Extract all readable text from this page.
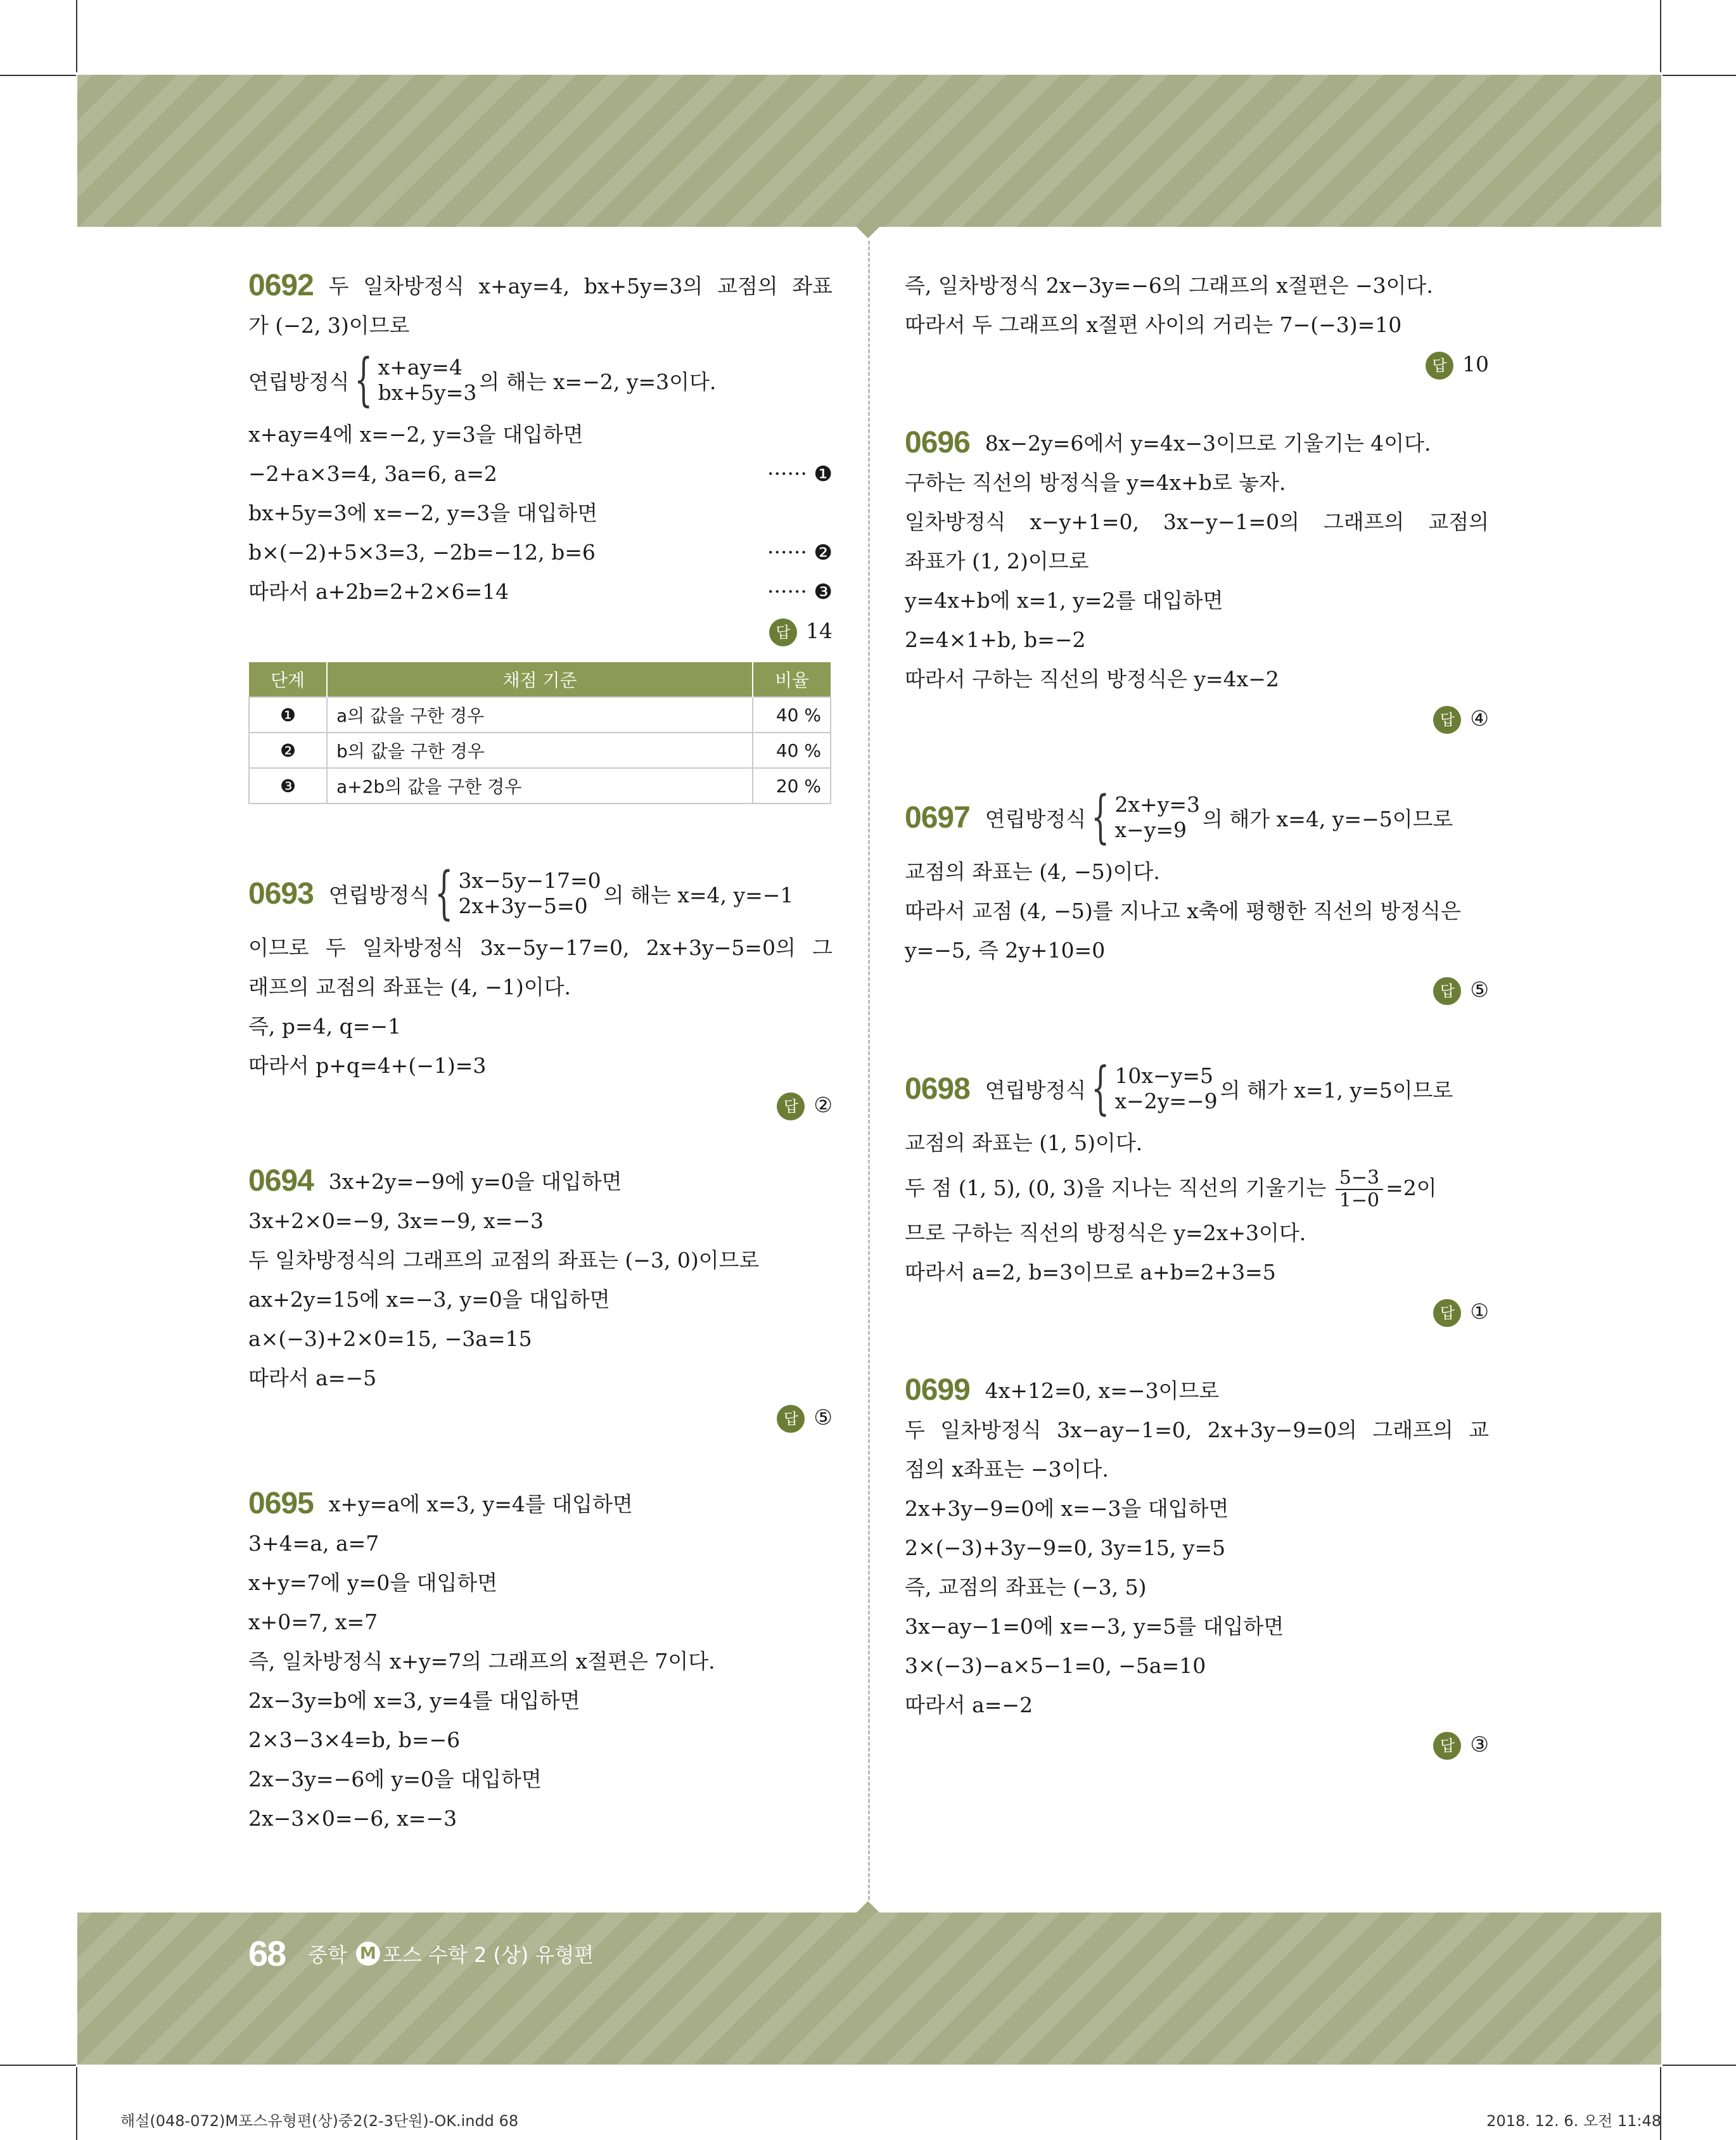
0692 두 일차방정식 x+ay=4, bx+5y=3의 교점의 좌표
가 (−2, 3)이므로
연립방정식 { x+ay=4
bx+5y=3 의 해는 x=−2, y=3이다.
x+ay=4에 x=−2, y=3을 대입하면
−2+a×3=4, 3a=6, a=2	······ ❶
bx+5y=3에 x=−2, y=3을 대입하면
b×(−2)+5×3=3, −2b=−12, b=6	······ ❷
따라서 a+2b=2+2×6=14	······ ❸
답 14
단계	채점 기준	비율
❶	a의 값을 구한 경우	40 %
❷	b의 값을 구한 경우	40 %
❸	a+2b의 값을 구한 경우	20 %
0693 연립방정식 { 3x−5y−17=0
2x+3y−5=0 의 해는 x=4, y=−1
이므로 두 일차방정식 3x−5y−17=0, 2x+3y−5=0의 그
래프의 교점의 좌표는 (4, −1)이다.
즉, p=4, q=−1
따라서 p+q=4+(−1)=3
답 ②
0694 3x+2y=−9에 y=0을 대입하면
3x+2×0=−9, 3x=−9, x=−3
두 일차방정식의 그래프의 교점의 좌표는 (−3, 0)이므로
ax+2y=15에 x=−3, y=0을 대입하면
a×(−3)+2×0=15, −3a=15
따라서 a=−5
답 ⑤
0695 x+y=a에 x=3, y=4를 대입하면
3+4=a, a=7
x+y=7에 y=0을 대입하면
x+0=7, x=7
즉, 일차방정식 x+y=7의 그래프의 x절편은 7이다.
2x−3y=b에 x=3, y=4를 대입하면
2×3−3×4=b, b=−6
2x−3y=−6에 y=0을 대입하면
2x−3×0=−6, x=−3
즉, 일차방정식 2x−3y=−6의 그래프의 x절편은 −3이다.
따라서 두 그래프의 x절편 사이의 거리는 7−(−3)=10
답 10
0696 8x−2y=6에서 y=4x−3이므로 기울기는 4이다.
구하는 직선의 방정식을 y=4x+b로 놓자.
일차방정식 x−y+1=0, 3x−y−1=0의 그래프의 교점의
좌표가 (1, 2)이므로
y=4x+b에 x=1, y=2를 대입하면
2=4×1+b, b=−2
따라서 구하는 직선의 방정식은 y=4x−2
답 ④
0697 연립방정식 { 2x+y=3
x−y=9 의 해가 x=4, y=−5이므로
교점의 좌표는 (4, −5)이다.
따라서 교점 (4, −5)를 지나고 x축에 평행한 직선의 방정식은
y=−5, 즉 2y+10=0
답 ⑤
0698 연립방정식 { 10x−y=5
x−2y=−9 의 해가 x=1, y=5이므로
교점의 좌표는 (1, 5)이다.
두 점 (1, 5), (0, 3)을 지나는 직선의 기울기는 $\frac{5-3}{1-0} =2$이
므로 구하는 직선의 방정식은 y=2x+3이다.
따라서 a=2, b=3이므로 a+b=2+3=5
답 ①
0699 4x+12=0, x=−3이므로
두 일차방정식 3x−ay−1=0, 2x+3y−9=0의 그래프의 교
점의 x좌표는 −3이다.
2x+3y−9=0에 x=−3을 대입하면
2×(−3)+3y−9=0, 3y=15, y=5
즉, 교점의 좌표는 (−3, 5)
3x−ay−1=0에 x=−3, y=5를 대입하면
3×(−3)−a×5−1=0, −5a=10
따라서 a=−2
답 ③
68 중학 M 포스 수학 2 (상) 유형편
해설(048-072)M포스유형편(상)중2(2-3단원)-OK.indd 68	2018. 12. 6. 오전 11:48
